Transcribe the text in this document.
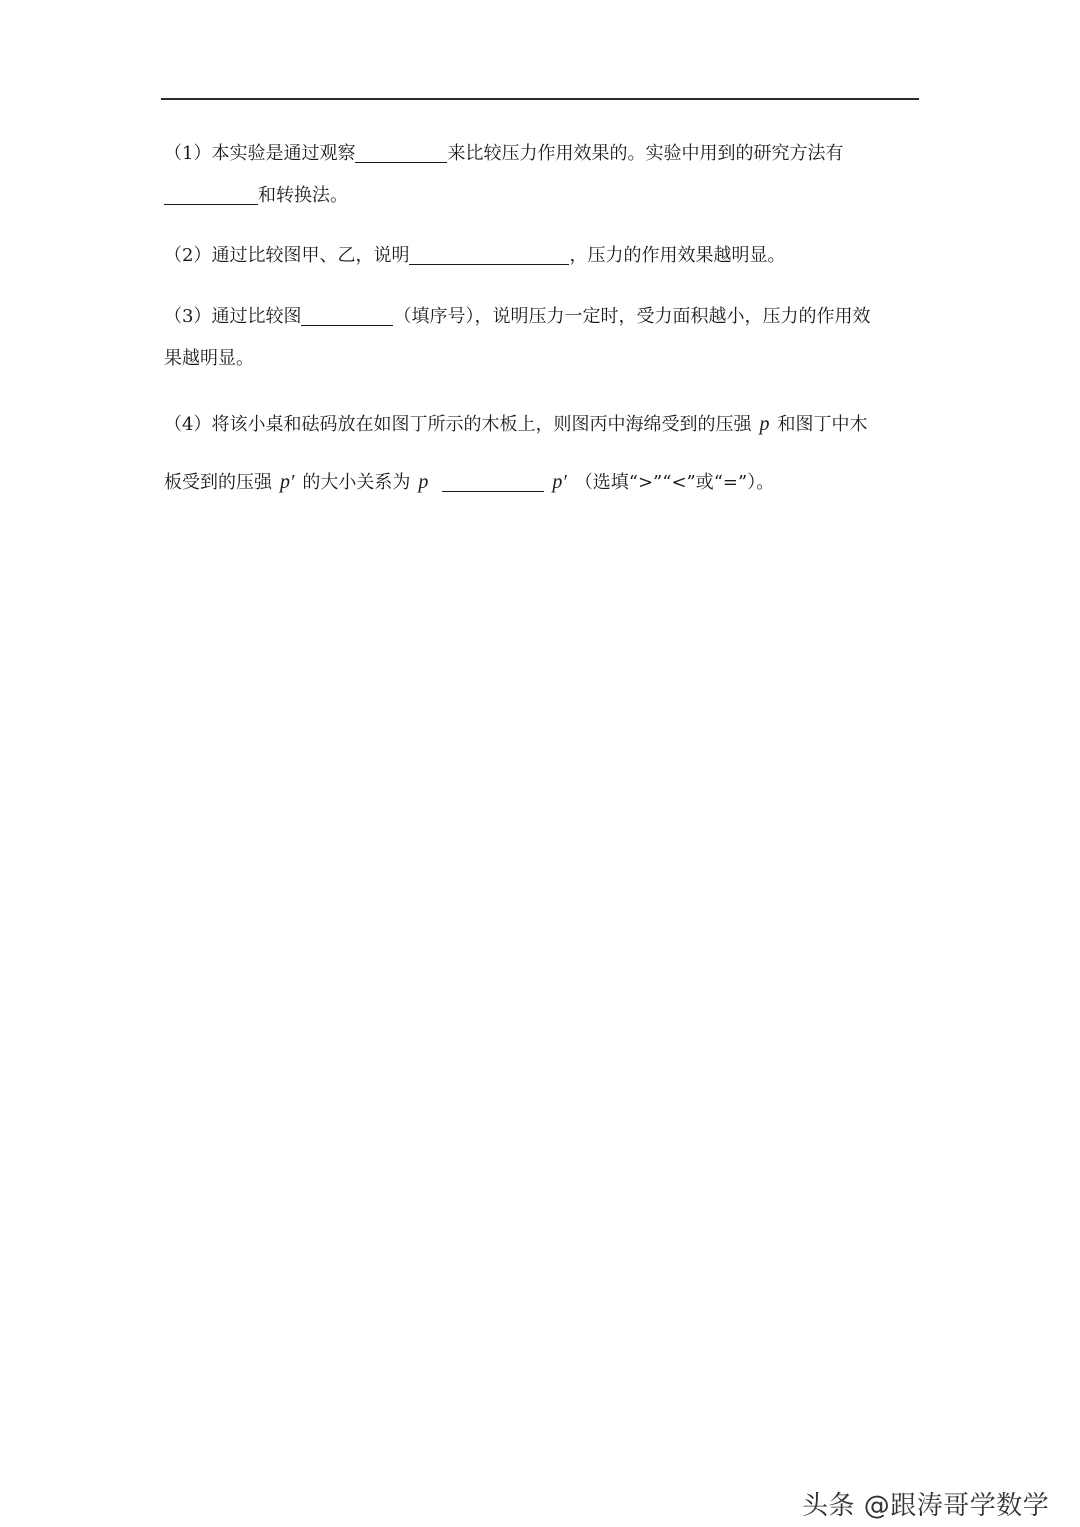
（1）本实验是通过观察	来比较压力作用效果的。实验中用到的研究方法有
和转换法。
（2）通过比较图甲、乙，说明	，压力的作用效果越明显。
（3）通过比较图	（填序号），说明压力一定时，受力面积越小，压力的作用效
果越明显。
（4）将该小桌和砝码放在如图丁所示的木板上，则图丙中海绵受到的压强 p 和图丁中木
板受到的压强 p′ 的大小关系为 p	p′ （选填“>”“<”或“=”）。
头条 @跟涛哥学数学
